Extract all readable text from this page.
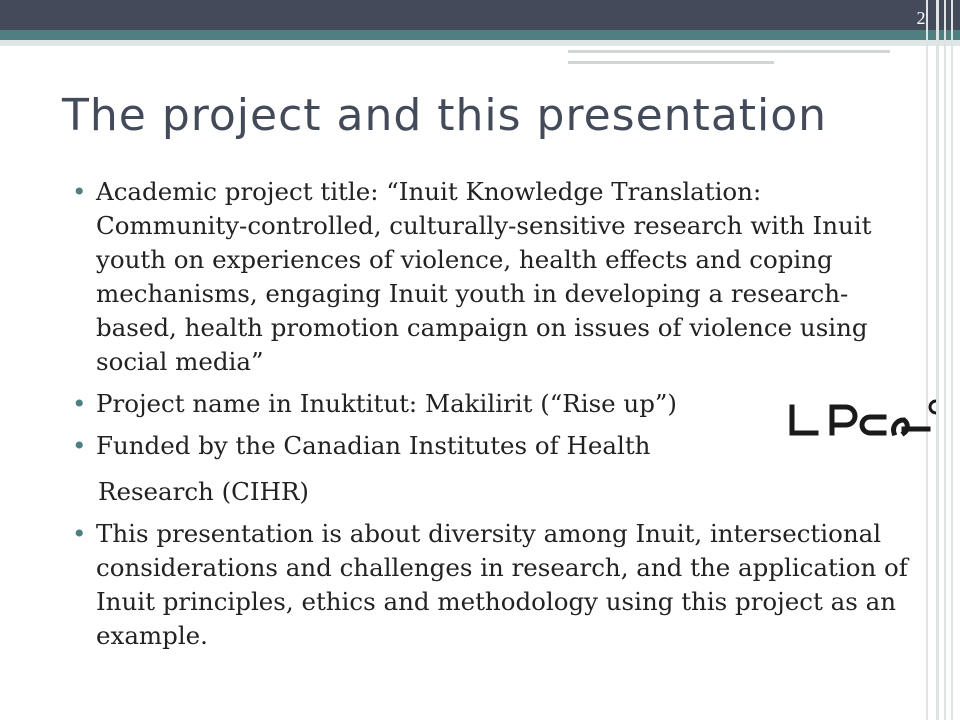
2
The project and this presentation
• Academic project title: “Inuit Knowledge Translation: Community-controlled, culturally-sensitive research with Inuit youth on experiences of violence, health effects and coping mechanisms, engaging Inuit youth in developing a research-based, health promotion campaign on issues of violence using social media”
• Project name in Inuktitut: Makilirit (“Rise up”)
• Funded by the Canadian Institutes of Health
Research (CIHR)
• This presentation is about diversity among Inuit, intersectional considerations and challenges in research, and the application of Inuit principles, ethics and methodology using this project as an example.
